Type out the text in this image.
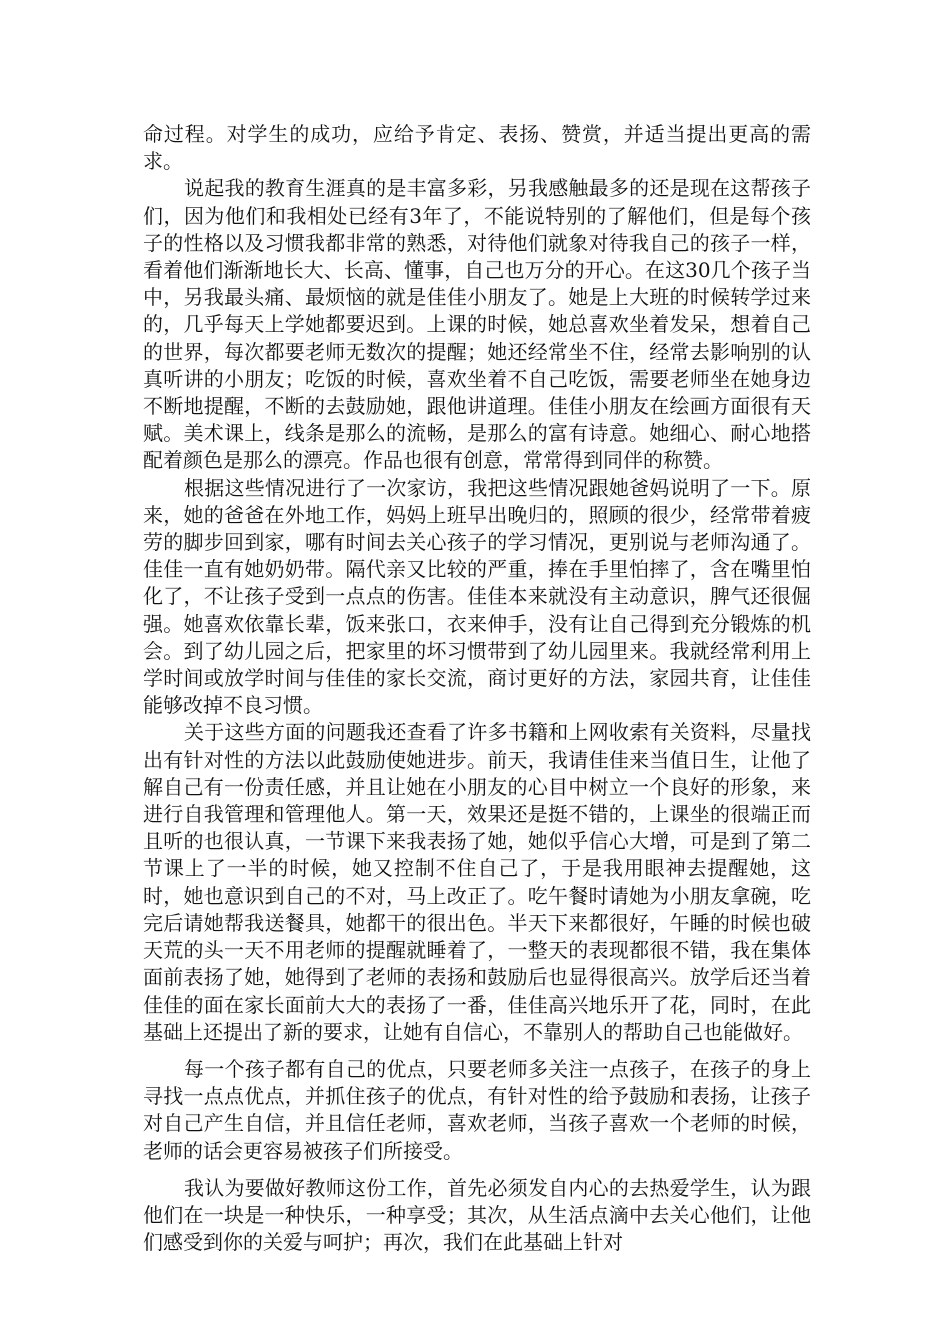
命过程。对学生的成功，应给予肯定、表扬、赞赏，并适当提出更高的需求。

说起我的教育生涯真的是丰富多彩，另我感触最多的还是现在这帮孩子们，因为他们和我相处已经有3年了，不能说特别的了解他们，但是每个孩子的性格以及习惯我都非常的熟悉，对待他们就象对待我自己的孩子一样，看着他们渐渐地长大、长高、懂事，自己也万分的开心。在这30几个孩子当中，另我最头痛、最烦恼的就是佳佳小朋友了。她是上大班的时候转学过来的，几乎每天上学她都要迟到。上课的时候，她总喜欢坐着发呆，想着自己的世界，每次都要老师无数次的提醒；她还经常坐不住，经常去影响别的认真听讲的小朋友；吃饭的时候，喜欢坐着不自己吃饭，需要老师坐在她身边不断地提醒，不断的去鼓励她，跟他讲道理。佳佳小朋友在绘画方面很有天赋。美术课上，线条是那么的流畅，是那么的富有诗意。她细心、耐心地搭配着颜色是那么的漂亮。作品也很有创意，常常得到同伴的称赞。

根据这些情况进行了一次家访，我把这些情况跟她爸妈说明了一下。原来，她的爸爸在外地工作，妈妈上班早出晚归的，照顾的很少，经常带着疲劳的脚步回到家，哪有时间去关心孩子的学习情况，更别说与老师沟通了。佳佳一直有她奶奶带。隔代亲又比较的严重，捧在手里怕摔了，含在嘴里怕化了，不让孩子受到一点点的伤害。佳佳本来就没有主动意识，脾气还很倔强。她喜欢依靠长辈，饭来张口，衣来伸手，没有让自己得到充分锻炼的机会。到了幼儿园之后，把家里的坏习惯带到了幼儿园里来。我就经常利用上学时间或放学时间与佳佳的家长交流，商讨更好的方法，家园共育，让佳佳能够改掉不良习惯。

关于这些方面的问题我还查看了许多书籍和上网收索有关资料，尽量找出有针对性的方法以此鼓励使她进步。前天，我请佳佳来当值日生，让他了解自己有一份责任感，并且让她在小朋友的心目中树立一个良好的形象，来进行自我管理和管理他人。第一天，效果还是挺不错的，上课坐的很端正而且听的也很认真，一节课下来我表扬了她，她似乎信心大增，可是到了第二节课上了一半的时候，她又控制不住自己了，于是我用眼神去提醒她，这时，她也意识到自己的不对，马上改正了。吃午餐时请她为小朋友拿碗，吃完后请她帮我送餐具，她都干的很出色。半天下来都很好，午睡的时候也破天荒的头一天不用老师的提醒就睡着了，一整天的表现都很不错，我在集体面前表扬了她，她得到了老师的表扬和鼓励后也显得很高兴。放学后还当着佳佳的面在家长面前大大的表扬了一番，佳佳高兴地乐开了花，同时，在此基础上还提出了新的要求，让她有自信心，不靠别人的帮助自己也能做好。

每一个孩子都有自己的优点，只要老师多关注一点孩子，在孩子的身上寻找一点点优点，并抓住孩子的优点，有针对性的给予鼓励和表扬，让孩子对自己产生自信，并且信任老师，喜欢老师，当孩子喜欢一个老师的时候，老师的话会更容易被孩子们所接受。

我认为要做好教师这份工作，首先必须发自内心的去热爱学生，认为跟他们在一块是一种快乐，一种享受；其次，从生活点滴中去关心他们，让他们感受到你的关爱与呵护；再次，我们在此基础上针对
